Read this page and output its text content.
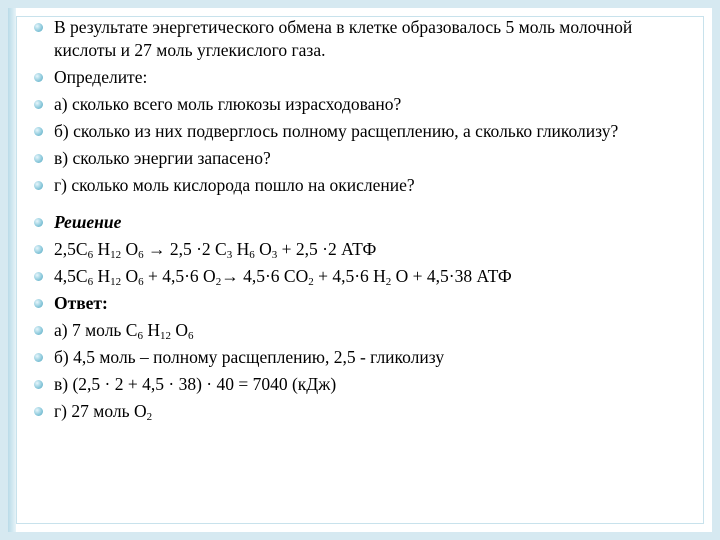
В результате энергетического обмена в клетке образовалось 5 моль молочной кислоты и 27 моль углекислого газа.
Определите:
а) сколько всего моль глюкозы израсходовано?
б) сколько из них подверглось полному расщеплению, а сколько гликолизу?
в) сколько энергии запасено?
г) сколько моль кислорода пошло на окисление?
Решение
$2,5C_6$ $H_{12}$ $O_6 \to 2,5 \cdot 2$ $C_3$ $H_6$ $O_3 + 2,5 \cdot 2$ АТФ
$4,5C_6$ $H_{12}$ $O_6 + 4,5\cdot 6$ $O_2\to 4,5\cdot 6$ $CO_2 + 4,5\cdot 6$ $H_2$ O + 4,5·38 АТФ
Ответ:
а) 7 моль $C_6$ $H_{12}$ $O_6$
б) 4,5 моль – полному расщеплению, 2,5 - гликолизу
в) (2,5 · 2 + 4,5 · 38) · 40 = 7040 (кДж)
г) 27 моль $O_2$
